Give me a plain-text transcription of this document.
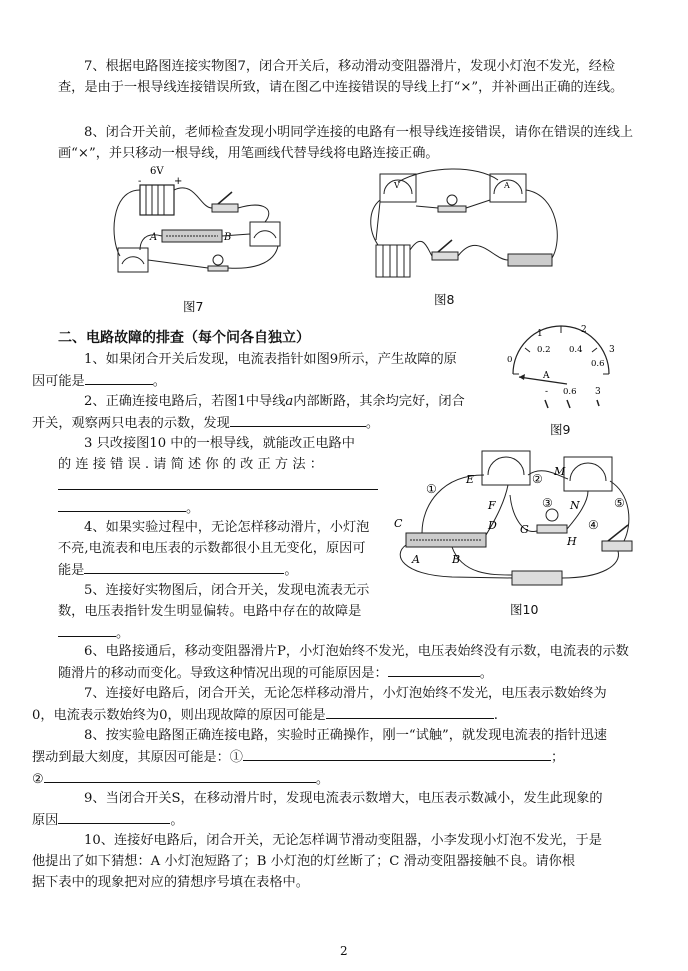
7、根据电路图连接实物图7，闭合开关后，移动滑动变阻器滑片，发现小灯泡不发光，经检查，是由于一根导线连接错误所致，请在图乙中连接错误的导线上打“×”，并补画出正确的连线。
8、闭合开关前，老师检查发现小明同学连接的电路有一根导线连接错误，请你在错误的连线上画“×”，并只移动一根导线，用笔画线代替导线将电路连接正确。
6V
-	+
A	B
图7
V	A
图8
二、电路故障的排查（每个问各自独立）
1、如果闭合开关后发现，电流表指针如图9所示，产生故障的原
因可能是	。
2、正确连接电路后，若图1中导线a内部断路，其余均完好，闭合
开关，观察两只电表的示数，发现	。
3 只改接图10 中的一根导线，就能改正电路中
的 连 接 错 误 . 请 简 述 你 的 改 正 方 法 ：
。
4、如果实验过程中，无论怎样移动滑片，小灯泡
不亮,电流表和电压表的示数都很小且无变化，原因可
能是	。
5、连接好实物图后，闭合开关，发现电流表无示
数，电压表指针发生明显偏转。电路中存在的故障是
。
1	2
3
0
0.2 0.4
0.6
A
- 0.6 3
图9
E
M
F
D
C	G
N
H
A	B
①
②
③
④
⑤
图10
6、电路接通后，移动变阻器滑片P，小灯泡始终不发光，电压表始终没有示数，电流表的示数随滑片的移动而变化。导致这种情况出现的可能原因是：	。
7、连接好电路后，闭合开关，无论怎样移动滑片，小灯泡始终不发光，电压表示数始终为
0，电流表示数始终为0，则出现故障的原因可能是	.
8、按实验电路图正确连接电路，实验时正确操作，刚一“试触”，就发现电流表的指针迅速
摆动到最大刻度，其原因可能是：①	；
②	。
9、当闭合开关S，在移动滑片时，发现电流表示数增大，电压表示数减小，发生此现象的
原因	。
10、连接好电路后，闭合开关，无论怎样调节滑动变阻器，小李发现小灯泡不发光，于是
他提出了如下猜想：A 小灯泡短路了；B 小灯泡的灯丝断了；C 滑动变阻器接触不良。请你根
据下表中的现象把对应的猜想序号填在表格中。
2
